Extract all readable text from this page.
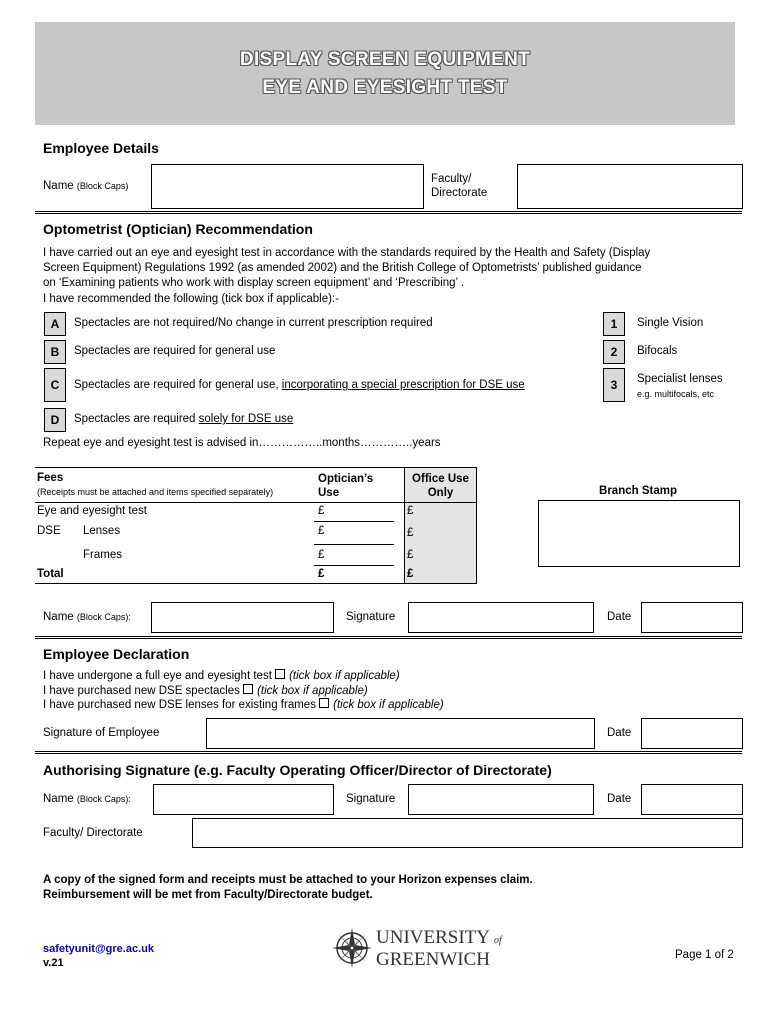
DISPLAY SCREEN EQUIPMENT
EYE AND EYESIGHT TEST
Employee Details
Name (Block Caps)
Faculty/
Directorate
Optometrist (Optician) Recommendation
I have carried out an eye and eyesight test in accordance with the standards required by the Health and Safety (Display
Screen Equipment) Regulations 1992 (as amended 2002) and the British College of Optometrists’ published guidance
on ‘Examining patients who work with display screen equipment’ and ‘Prescribing’ .
I have recommended the following (tick box if applicable):-
A	Spectacles are not required/No change in current prescription required
B	Spectacles are required for general use
C	Spectacles are required for general use, incorporating a special prescription for DSE use
D	Spectacles are required solely for DSE use
1	Single Vision
2	Bifocals
3	Specialist lenses
e.g. multifocals, etc
Repeat eye and eyesight test is advised in……………..months…………..years
Fees
(Receipts must be attached and items specified separately)
Optician’s
Use
Office Use
Only
Eye and eyesight test	£	£
DSE Lenses	£	£
Frames	£	£
Total	£	£
Branch Stamp
Name (Block Caps):	Signature	Date
Employee Declaration
I have undergone a full eye and eyesight test (tick box if applicable)
I have purchased new DSE spectacles (tick box if applicable)
I have purchased new DSE lenses for existing frames (tick box if applicable)
Signature of Employee	Date
Authorising Signature (e.g. Faculty Operating Officer/Director of Directorate)
Name (Block Caps):	Signature	Date
Faculty/ Directorate
A copy of the signed form and receipts must be attached to your Horizon expenses claim.
Reimbursement will be met from Faculty/Directorate budget.
safetyunit@gre.ac.uk
v.21
UNIVERSITY of
GREENWICH	Page 1 of 2
